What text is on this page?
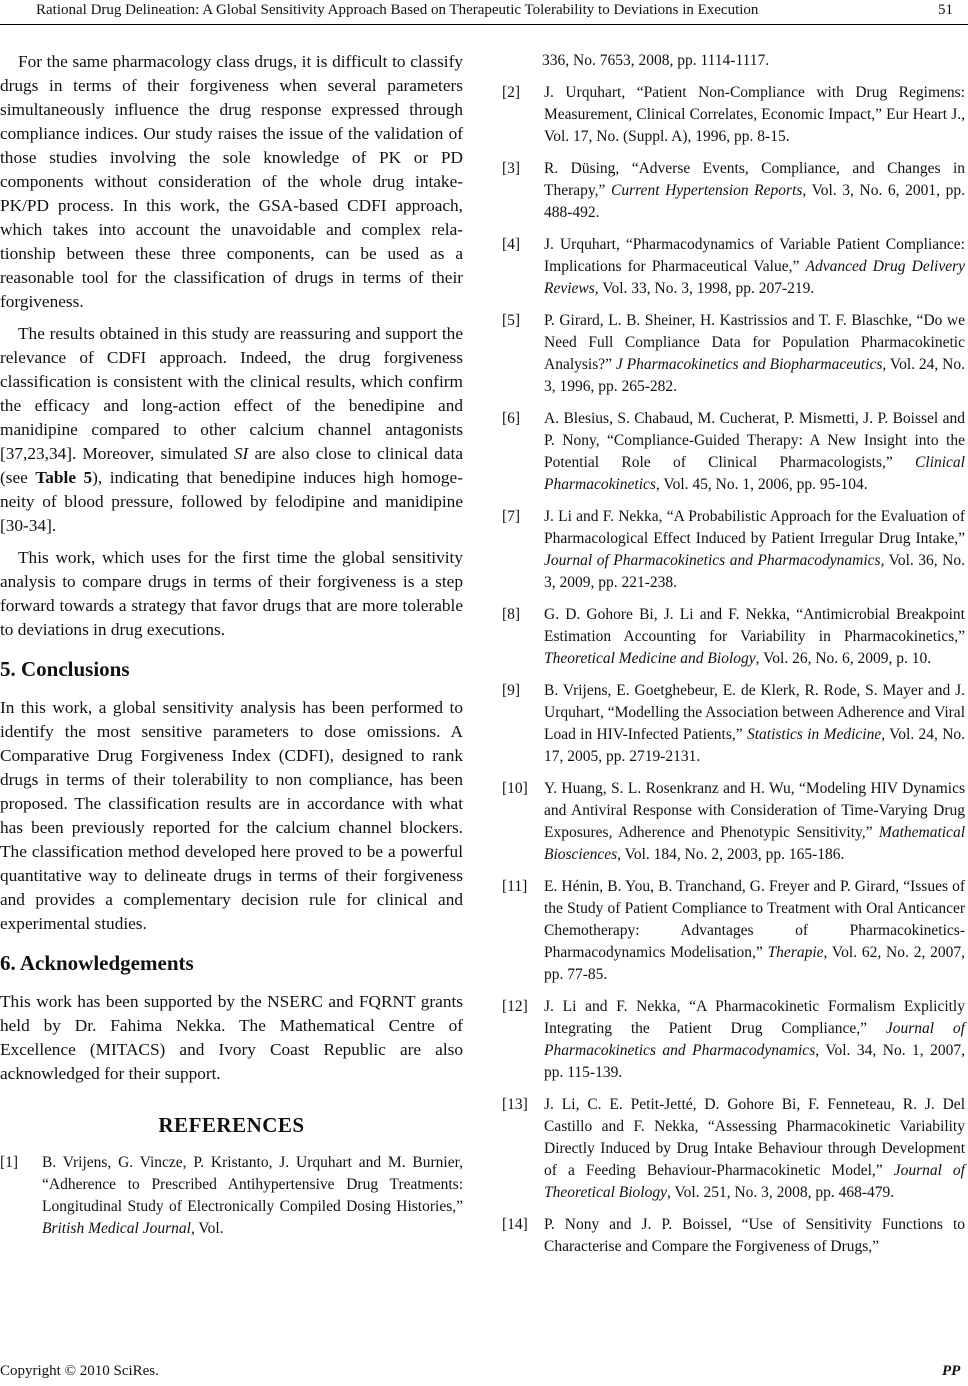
Rational Drug Delineation: A Global Sensitivity Approach Based on Therapeutic Tolerability to Deviations in Execution	51

For the same pharmacology class drugs, it is difficult to classify drugs in terms of their forgiveness when several parameters simultaneously influence the drug response expressed through compliance indices. Our study raises the issue of the validation of those studies involving the sole knowledge of PK or PD components without consideration of the whole drug intake-PK/PD process. In this work, the GSA-based CDFI approach, which takes into account the unavoidable and complex relationship between these three components, can be used as a reasonable tool for the classification of drugs in terms of their forgiveness.

The results obtained in this study are reassuring and support the relevance of CDFI approach. Indeed, the drug forgiveness classification is consistent with the clinical results, which confirm the efficacy and long-action effect of the benedipine and manidipine compared to other calcium channel antagonists [37,23,34]. Moreover, simulated SI are also close to clinical data (see Table 5), indicating that benedipine induces high homogeneity of blood pressure, followed by felodipine and manidipine [30-34].

This work, which uses for the first time the global sensitivity analysis to compare drugs in terms of their forgiveness is a step forward towards a strategy that favor drugs that are more tolerable to deviations in drug executions.

5. Conclusions

In this work, a global sensitivity analysis has been performed to identify the most sensitive parameters to dose omissions. A Comparative Drug Forgiveness Index (CDFI), designed to rank drugs in terms of their tolerability to non compliance, has been proposed. The classification results are in accordance with what has been previously reported for the calcium channel blockers. The classification method developed here proved to be a powerful quantitative way to delineate drugs in terms of their forgiveness and provides a complementary decision rule for clinical and experimental studies.

6. Acknowledgements

This work has been supported by the NSERC and FQRNT grants held by Dr. Fahima Nekka. The Mathematical Centre of Excellence (MITACS) and Ivory Coast Republic are also acknowledged for their support.

REFERENCES
[1] B. Vrijens, G. Vincze, P. Kristanto, J. Urquhart and M. Burnier, “Adherence to Prescribed Antihypertensive Drug Treatments: Longitudinal Study of Electronically Compiled Dosing Histories,” British Medical Journal, Vol.
336, No. 7653, 2008, pp. 1114-1117.
[2] J. Urquhart, “Patient Non-Compliance with Drug Regimens: Measurement, Clinical Correlates, Economic Impact,” Eur Heart J., Vol. 17, No. (Suppl. A), 1996, pp. 8-15.
[3] R. Düsing, “Adverse Events, Compliance, and Changes in Therapy,” Current Hypertension Reports, Vol. 3, No. 6, 2001, pp. 488-492.
[4] J. Urquhart, “Pharmacodynamics of Variable Patient Compliance: Implications for Pharmaceutical Value,” Advanced Drug Delivery Reviews, Vol. 33, No. 3, 1998, pp. 207-219.
[5] P. Girard, L. B. Sheiner, H. Kastrissios and T. F. Blaschke, “Do we Need Full Compliance Data for Population Pharmacokinetic Analysis?” J Pharmacokinetics and Biopharmaceutics, Vol. 24, No. 3, 1996, pp. 265-282.
[6] A. Blesius, S. Chabaud, M. Cucherat, P. Mismetti, J. P. Boissel and P. Nony, “Compliance-Guided Therapy: A New Insight into the Potential Role of Clinical Pharmacologists,” Clinical Pharmacokinetics, Vol. 45, No. 1, 2006, pp. 95-104.
[7] J. Li and F. Nekka, “A Probabilistic Approach for the Evaluation of Pharmacological Effect Induced by Patient Irregular Drug Intake,” Journal of Pharmacokinetics and Pharmacodynamics, Vol. 36, No. 3, 2009, pp. 221-238.
[8] G. D. Gohore Bi, J. Li and F. Nekka, “Antimicrobial Breakpoint Estimation Accounting for Variability in Pharmacokinetics,” Theoretical Medicine and Biology, Vol. 26, No. 6, 2009, p. 10.
[9] B. Vrijens, E. Goetghebeur, E. de Klerk, R. Rode, S. Mayer and J. Urquhart, “Modelling the Association between Adherence and Viral Load in HIV-Infected Patients,” Statistics in Medicine, Vol. 24, No. 17, 2005, pp. 2719-2131.
[10] Y. Huang, S. L. Rosenkranz and H. Wu, “Modeling HIV Dynamics and Antiviral Response with Consideration of Time-Varying Drug Exposures, Adherence and Phenotypic Sensitivity,” Mathematical Biosciences, Vol. 184, No. 2, 2003, pp. 165-186.
[11] E. Hénin, B. You, B. Tranchand, G. Freyer and P. Girard, “Issues of the Study of Patient Compliance to Treatment with Oral Anticancer Chemotherapy: Advantages of Pharmacokinetics-Pharmacodynamics Modelisation,” Therapie, Vol. 62, No. 2, 2007, pp. 77-85.
[12] J. Li and F. Nekka, “A Pharmacokinetic Formalism Explicitly Integrating the Patient Drug Compliance,” Journal of Pharmacokinetics and Pharmacodynamics, Vol. 34, No. 1, 2007, pp. 115-139.
[13] J. Li, C. E. Petit-Jetté, D. Gohore Bi, F. Fenneteau, R. J. Del Castillo and F. Nekka, “Assessing Pharmacokinetic Variability Directly Induced by Drug Intake Behaviour through Development of a Feeding Behaviour-Pharmacokinetic Model,” Journal of Theoretical Biology, Vol. 251, No. 3, 2008, pp. 468-479.
[14] P. Nony and J. P. Boissel, “Use of Sensitivity Functions to Characterise and Compare the Forgiveness of Drugs,”
Copyright © 2010 SciRes.	PP
